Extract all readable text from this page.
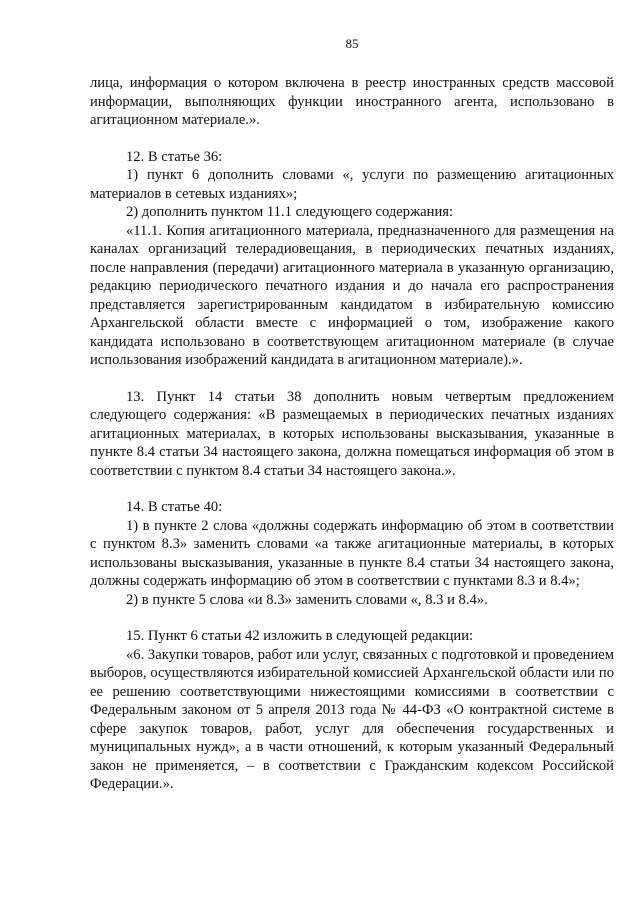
85

лица, информация о котором включена в реестр иностранных средств массовой информации, выполняющих функции иностранного агента, использовано в агитационном материале.».

12. В статье 36:

1) пункт 6 дополнить словами «, услуги по размещению агитационных материалов в сетевых изданиях»;

2) дополнить пунктом 11.1 следующего содержания:

«11.1. Копия агитационного материала, предназначенного для размещения на каналах организаций телерадиовещания, в периодических печатных изданиях, после направления (передачи) агитационного материала в указанную организацию, редакцию периодического печатного издания и до начала его распространения представляется зарегистрированным кандидатом в избирательную комиссию Архангельской области вместе с информацией о том, изображение какого кандидата использовано в соответствующем агитационном материале (в случае использования изображений кандидата в агитационном материале).».

13. Пункт 14 статьи 38 дополнить новым четвертым предложением следующего содержания: «В размещаемых в периодических печатных изданиях агитационных материалах, в которых использованы высказывания, указанные в пункте 8.4 статьи 34 настоящего закона, должна помещаться информация об этом в соответствии с пунктом 8.4 статьи 34 настоящего закона.».

14. В статье 40:

1) в пункте 2 слова «должны содержать информацию об этом в соответствии с пунктом 8.3» заменить словами «а также агитационные материалы, в которых использованы высказывания, указанные в пункте 8.4 статьи 34 настоящего закона, должны содержать информацию об этом в соответствии с пунктами 8.3 и 8.4»;

2) в пункте 5 слова «и 8.3» заменить словами «, 8.3 и 8.4».

15. Пункт 6 статьи 42 изложить в следующей редакции:

«6. Закупки товаров, работ или услуг, связанных с подготовкой и проведением выборов, осуществляются избирательной комиссией Архангельской области или по ее решению соответствующими нижестоящими комиссиями в соответствии с Федеральным законом от 5 апреля 2013 года № 44-ФЗ «О контрактной системе в сфере закупок товаров, работ, услуг для обеспечения государственных и муниципальных нужд», а в части отношений, к которым указанный Федеральный закон не применяется, – в соответствии с Гражданским кодексом Российской Федерации.».
